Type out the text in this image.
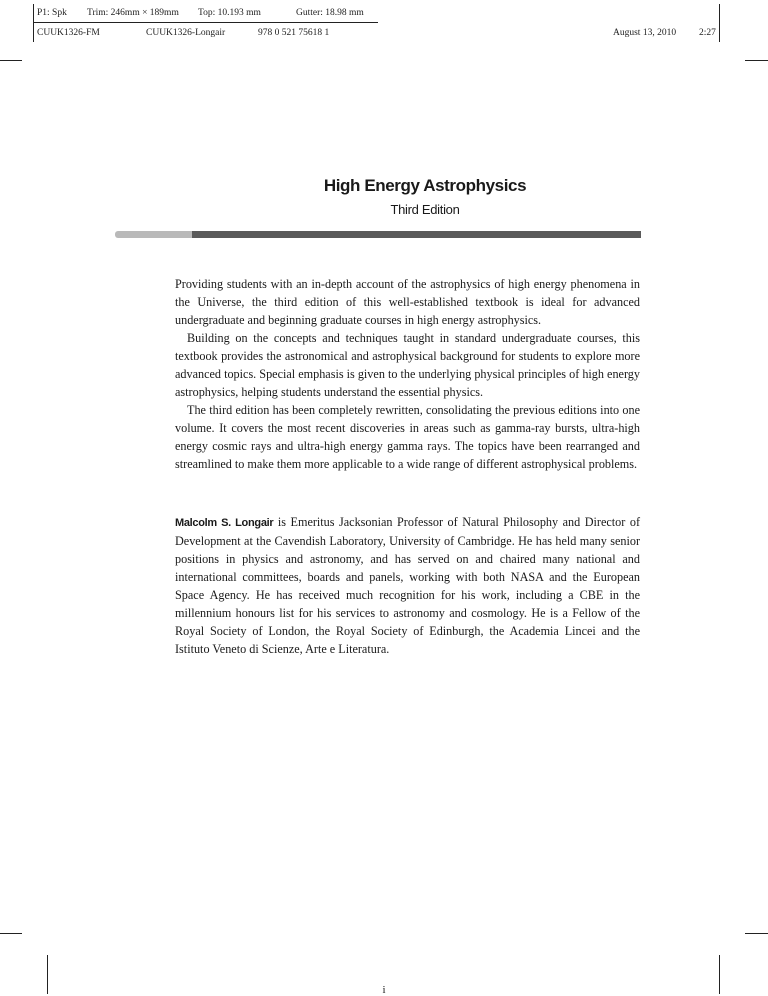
P1: Spk Trim: 246mm × 189mm Top: 10.193 mm	Gutter: 18.98 mm
CUUK1326-FM	CUUK1326-Longair	978 0 521 75618 1	August 13, 2010 2:27
High Energy Astrophysics
Third Edition

Providing students with an in-depth account of the astrophysics of high energy phenomena in the Universe, the third edition of this well-established textbook is ideal for advanced undergraduate and beginning graduate courses in high energy astrophysics.

Building on the concepts and techniques taught in standard undergraduate courses, this textbook provides the astronomical and astrophysical background for students to explore more advanced topics. Special emphasis is given to the underlying physical principles of high energy astrophysics, helping students understand the essential physics.

The third edition has been completely rewritten, consolidating the previous editions into one volume. It covers the most recent discoveries in areas such as gamma-ray bursts, ultra-high energy cosmic rays and ultra-high energy gamma rays. The topics have been rearranged and streamlined to make them more applicable to a wide range of different astrophysical problems.

Malcolm S. Longair is Emeritus Jacksonian Professor of Natural Philosophy and Director of Development at the Cavendish Laboratory, University of Cambridge. He has held many senior positions in physics and astronomy, and has served on and chaired many national and international committees, boards and panels, working with both NASA and the European Space Agency. He has received much recognition for his work, including a CBE in the millennium honours list for his services to astronomy and cosmology. He is a Fellow of the Royal Society of London, the Royal Society of Edinburgh, the Academia Lincei and the Istituto Veneto di Scienze, Arte e Literatura.

i
